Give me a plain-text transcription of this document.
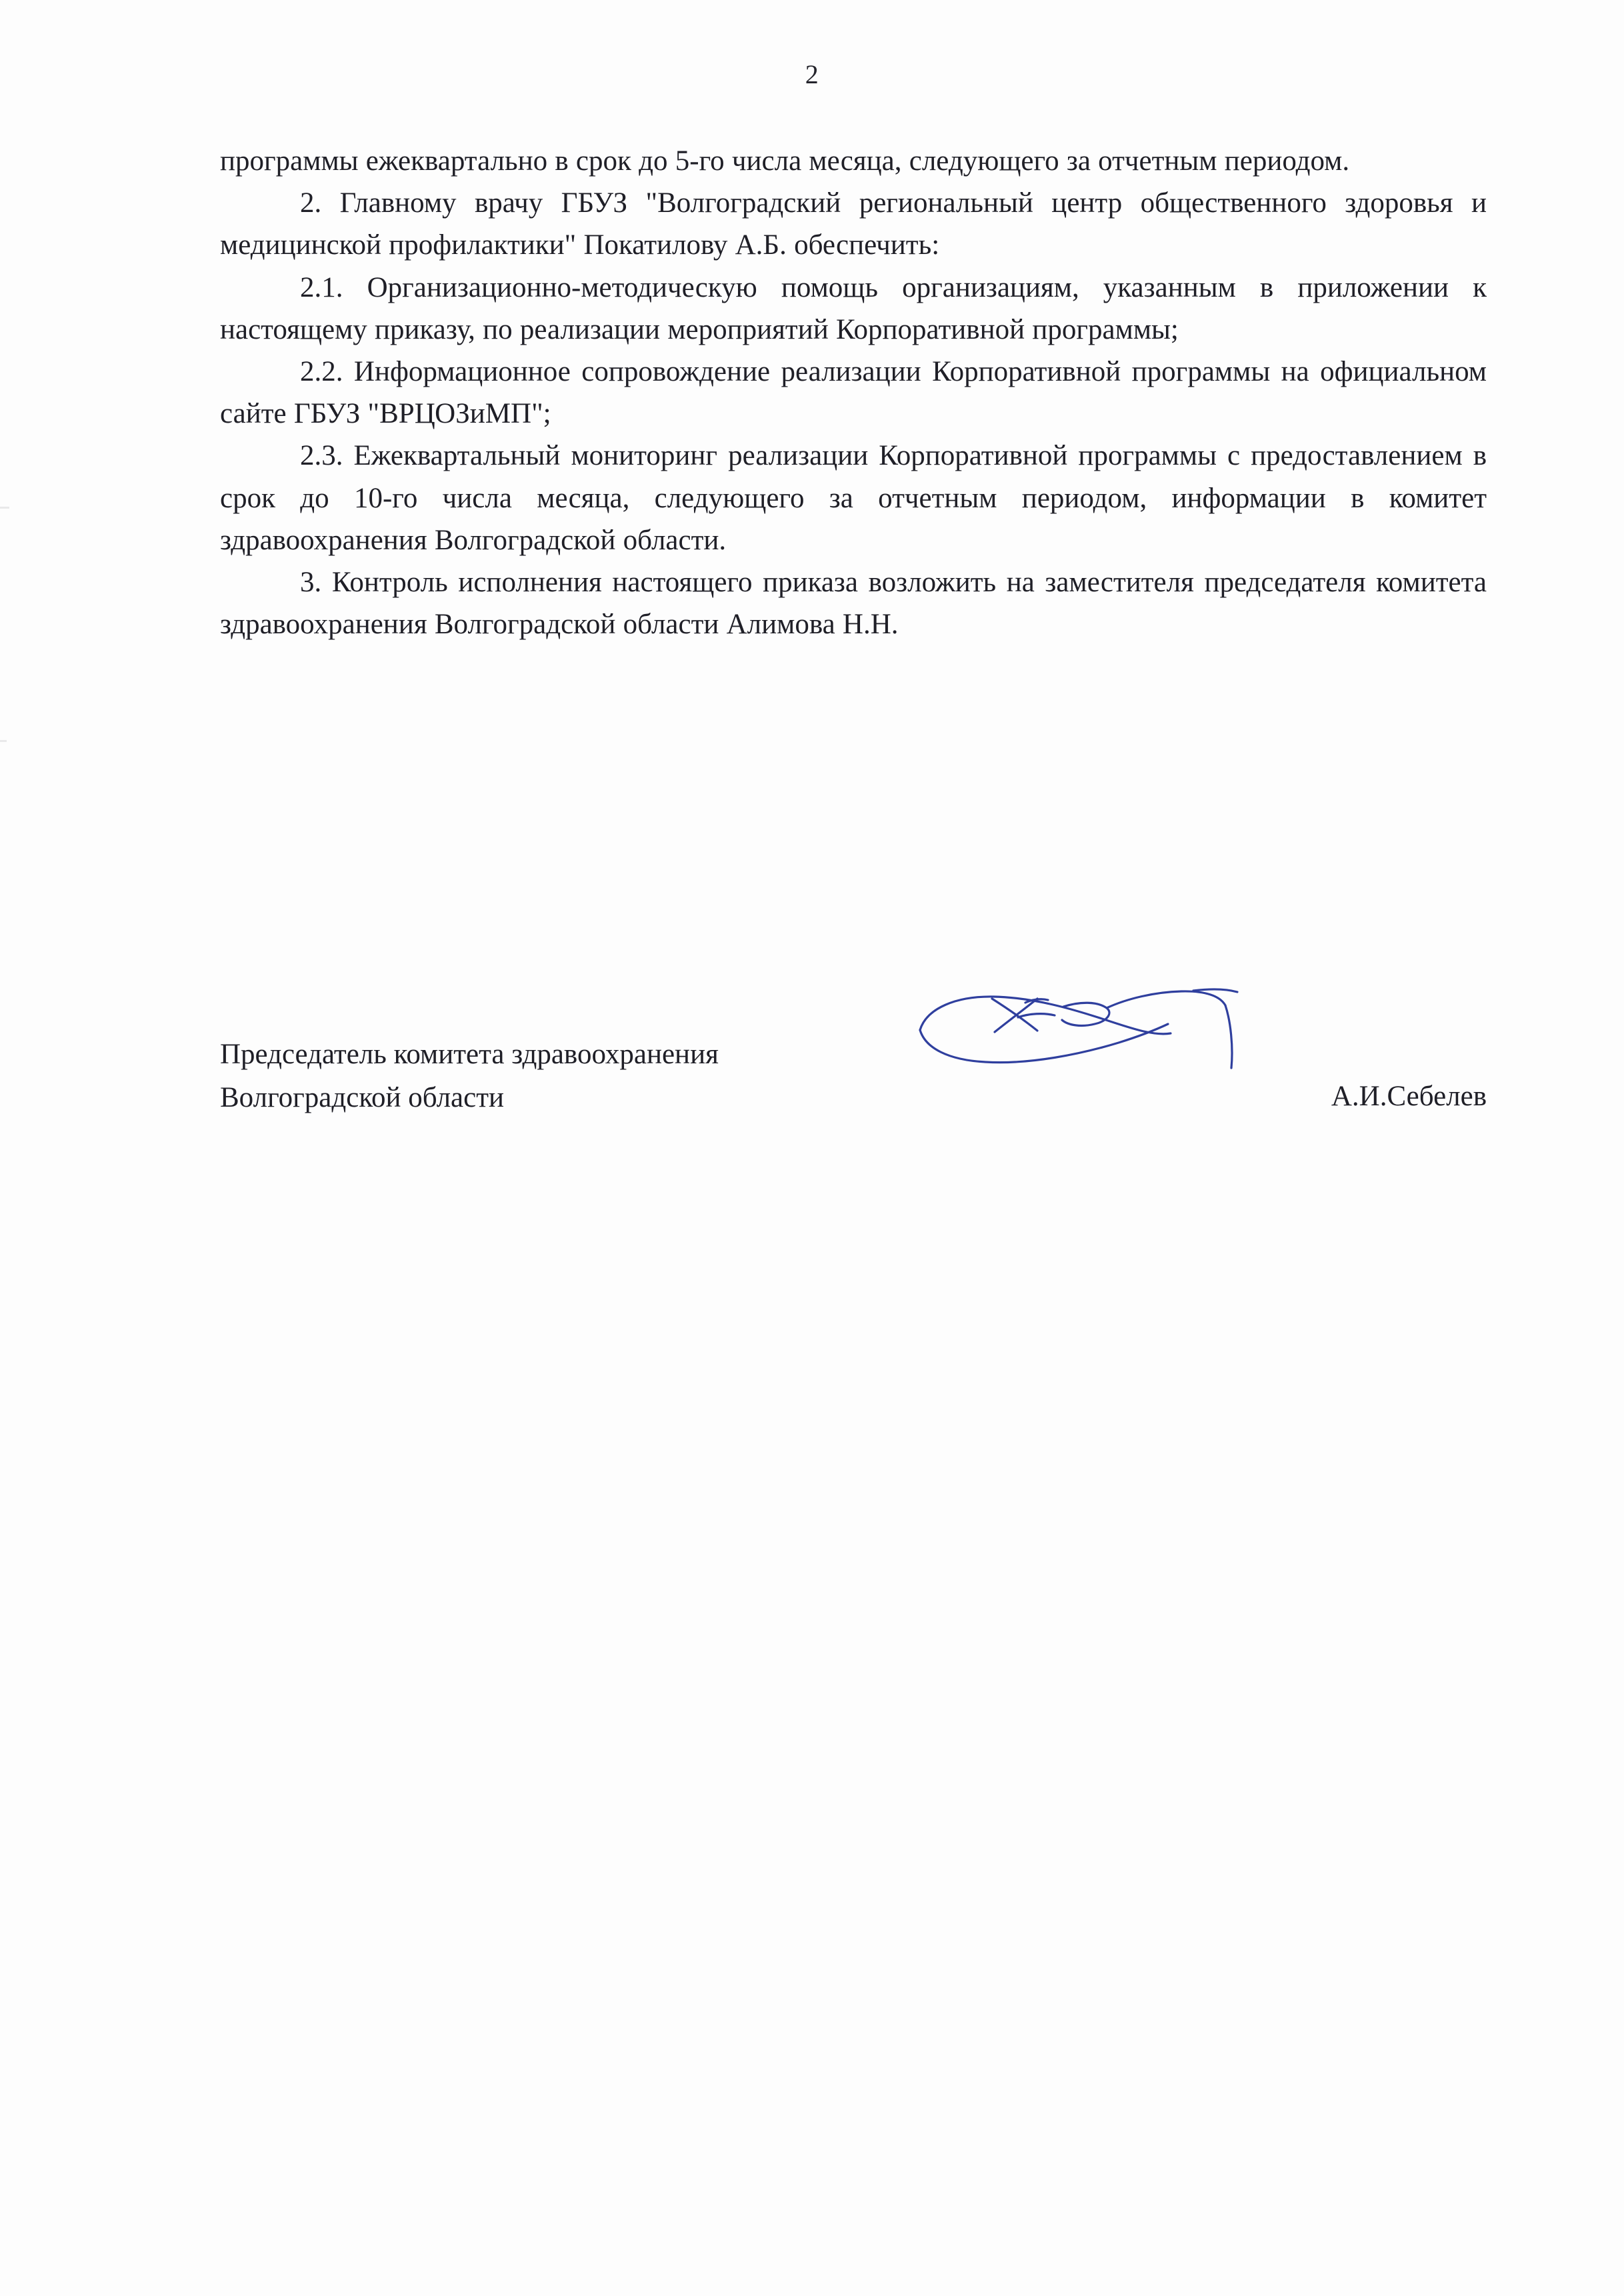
2

программы ежеквартально в срок до 5-го числа месяца, следующего за отчетным периодом.

2. Главному врачу ГБУЗ "Волгоградский региональный центр общественного здоровья и медицинской профилактики" Покатилову А.Б. обеспечить:

2.1. Организационно-методическую помощь организациям, указанным в приложении к настоящему приказу, по реализации мероприятий Корпоративной программы;

2.2. Информационное сопровождение реализации Корпоративной программы на официальном сайте ГБУЗ "ВРЦОЗиМП";

2.3. Ежеквартальный мониторинг реализации Корпоративной программы с предоставлением в срок до 10-го числа месяца, следующего за отчетным периодом, информации в комитет здравоохранения Волгоградской области.

3. Контроль исполнения настоящего приказа возложить на заместителя председателя комитета здравоохранения Волгоградской области Алимова Н.Н.

Председатель комитета здравоохранения
Волгоградской области	А.И.Себелев
